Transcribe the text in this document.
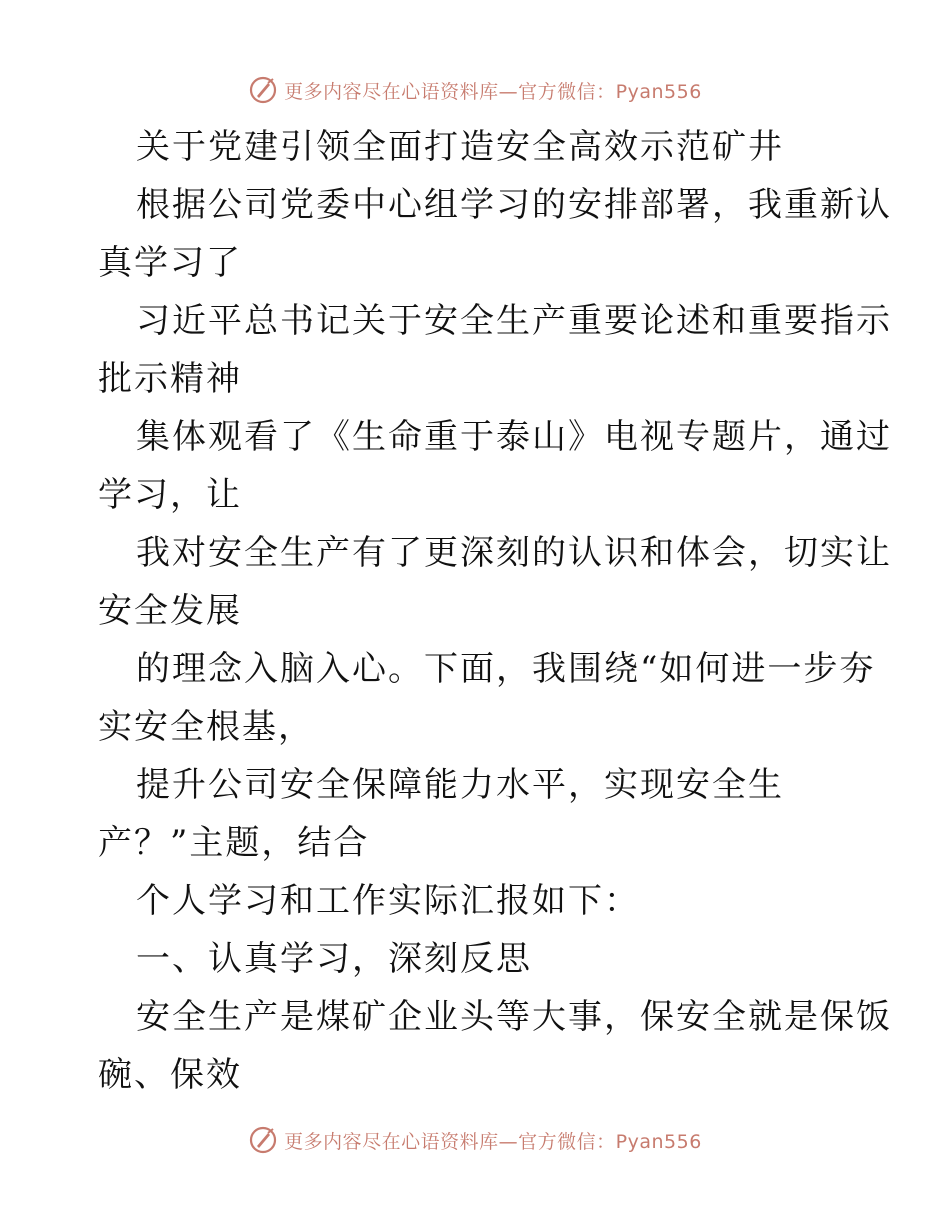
更多内容尽在心语资料库—官方微信：Pyan556

关于党建引领全面打造安全高效示范矿井

根据公司党委中心组学习的安排部署，我重新认
真学习了

习近平总书记关于安全生产重要论述和重要指示
批示精神

集体观看了《生命重于泰山》电视专题片，通过
学习，让

我对安全生产有了更深刻的认识和体会，切实让
安全发展

的理念入脑入心。下面，我围绕“如何进一步夯
实安全根基，

提升公司安全保障能力水平，实现安全生
产？”主题，结合

个人学习和工作实际汇报如下：

一、认真学习，深刻反思

安全生产是煤矿企业头等大事，保安全就是保饭
碗、保效

更多内容尽在心语资料库—官方微信：Pyan556
